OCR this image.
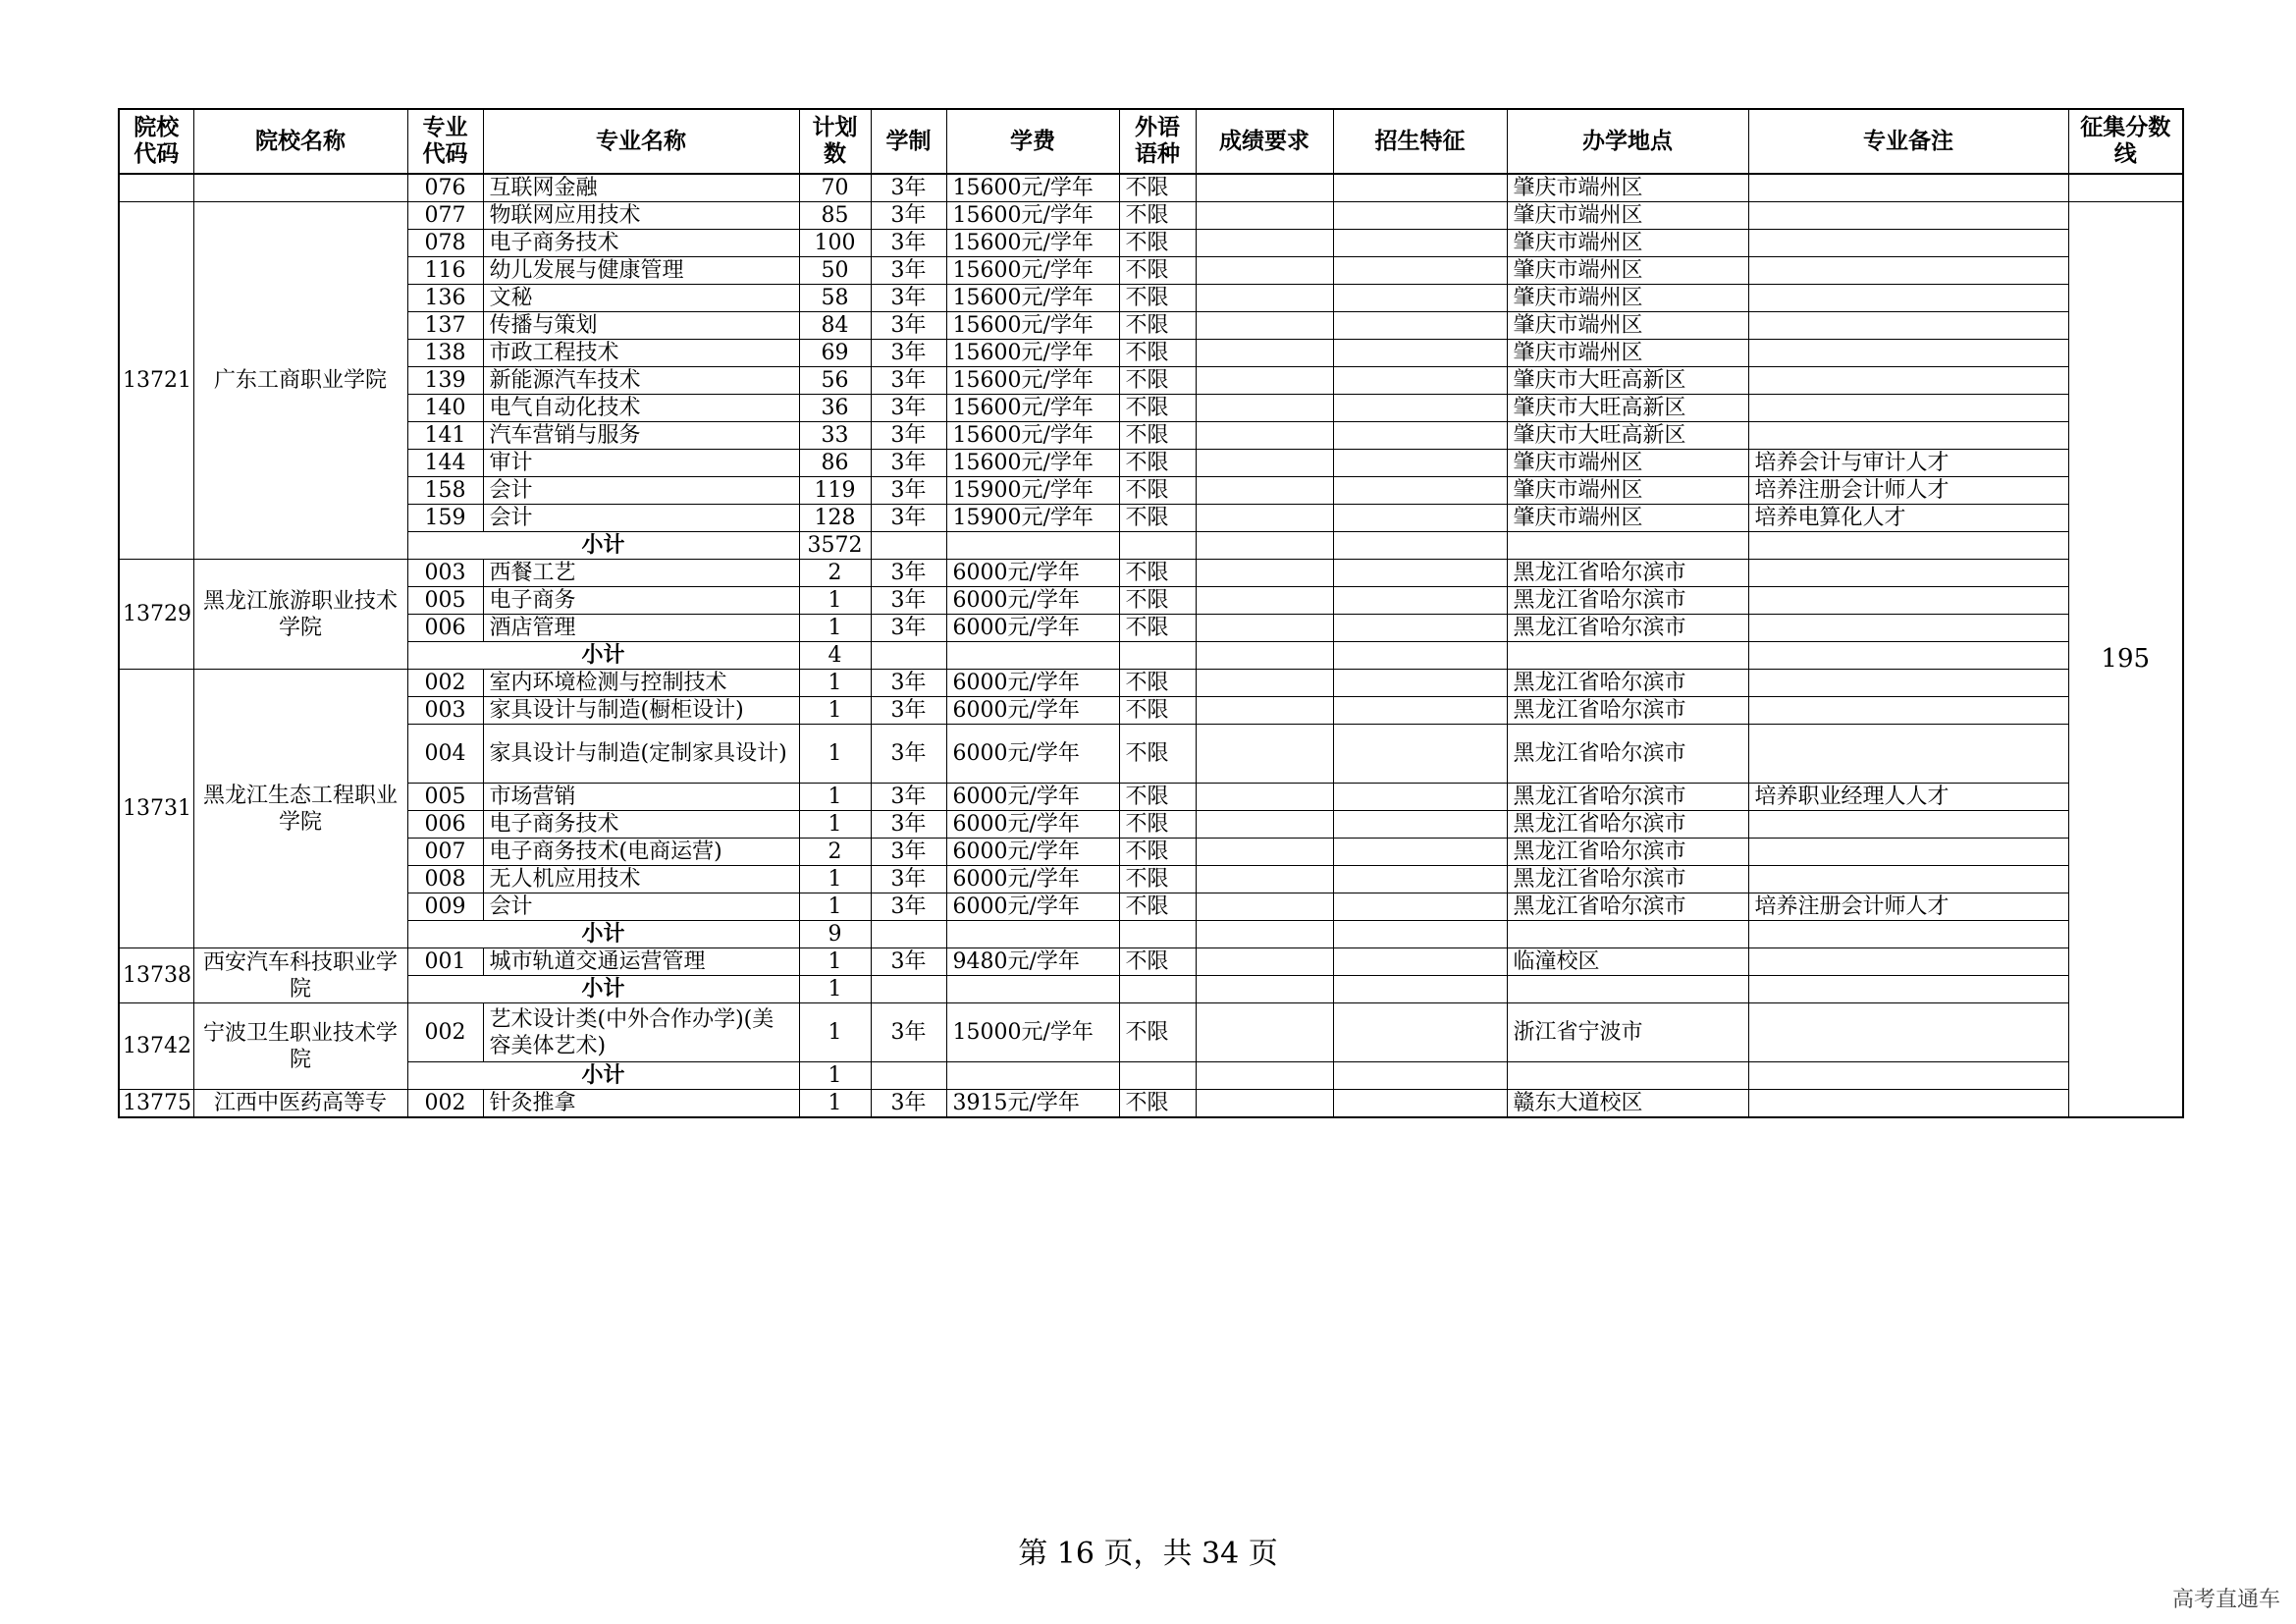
院校代码	院校名称	专业代码	专业名称	计划数	学制	学费	外语语种	成绩要求	招生特征	办学地点	专业备注	征集分数线
		076	互联网金融	70	3年	15600元/学年	不限			肇庆市端州区		
13721	广东工商职业学院	077	物联网应用技术	85	3年	15600元/学年	不限			肇庆市端州区		195
		078	电子商务技术	100	3年	15600元/学年	不限			肇庆市端州区		
		116	幼儿发展与健康管理	50	3年	15600元/学年	不限			肇庆市端州区		
		136	文秘	58	3年	15600元/学年	不限			肇庆市端州区		
		137	传播与策划	84	3年	15600元/学年	不限			肇庆市端州区		
		138	市政工程技术	69	3年	15600元/学年	不限			肇庆市端州区		
		139	新能源汽车技术	56	3年	15600元/学年	不限			肇庆市大旺高新区		
		140	电气自动化技术	36	3年	15600元/学年	不限			肇庆市大旺高新区		
		141	汽车营销与服务	33	3年	15600元/学年	不限			肇庆市大旺高新区		
		144	审计	86	3年	15600元/学年	不限			肇庆市端州区	培养会计与审计人才	
		158	会计	119	3年	15900元/学年	不限			肇庆市端州区	培养注册会计师人才	
		159	会计	128	3年	15900元/学年	不限			肇庆市端州区	培养电算化人才	
		小计		3572								
13729	黑龙江旅游职业技术学院	003	西餐工艺	2	3年	6000元/学年	不限			黑龙江省哈尔滨市		
		005	电子商务	1	3年	6000元/学年	不限			黑龙江省哈尔滨市		
		006	酒店管理	1	3年	6000元/学年	不限			黑龙江省哈尔滨市		
		小计		4								
13731	黑龙江生态工程职业学院	002	室内环境检测与控制技术	1	3年	6000元/学年	不限			黑龙江省哈尔滨市		
		003	家具设计与制造(橱柜设计)	1	3年	6000元/学年	不限			黑龙江省哈尔滨市		
		004	家具设计与制造(定制家具设计)	1	3年	6000元/学年	不限			黑龙江省哈尔滨市		
		005	市场营销	1	3年	6000元/学年	不限			黑龙江省哈尔滨市	培养职业经理人人才	
		006	电子商务技术	1	3年	6000元/学年	不限			黑龙江省哈尔滨市		
		007	电子商务技术(电商运营)	2	3年	6000元/学年	不限			黑龙江省哈尔滨市		
		008	无人机应用技术	1	3年	6000元/学年	不限			黑龙江省哈尔滨市		
		009	会计	1	3年	6000元/学年	不限			黑龙江省哈尔滨市	培养注册会计师人才	
		小计		9								
13738	西安汽车科技职业学院	001	城市轨道交通运营管理	1	3年	9480元/学年	不限			临潼校区		
		小计		1								
13742	宁波卫生职业技术学院	002	艺术设计类(中外合作办学)(美容美体艺术)	1	3年	15000元/学年	不限			浙江省宁波市		
		小计		1								
13775	江西中医药高等专	002	针灸推拿	1	3年	3915元/学年	不限			赣东大道校区		
第 16 页，共 34 页
高考直通车
